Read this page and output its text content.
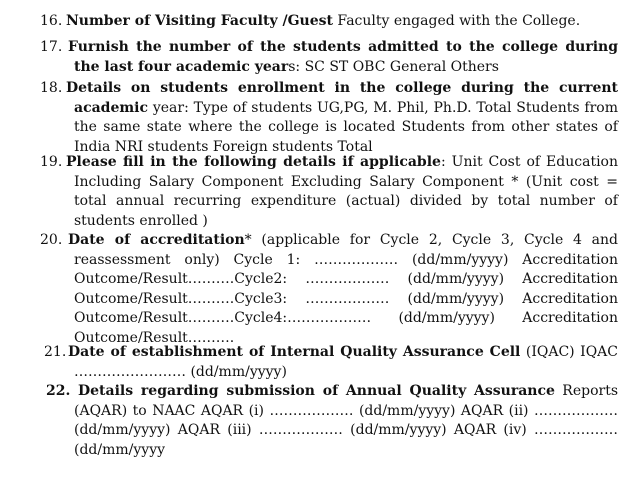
16. Number of Visiting Faculty /Guest Faculty engaged with the College.
17. Furnish the number of the students admitted to the college during the last four academic years: SC ST OBC General Others
18. Details on students enrollment in the college during the current academic year: Type of students UG,PG, M. Phil, Ph.D. Total Students from the same state where the college is located Students from other states of India NRI students Foreign students Total
19. Please fill in the following details if applicable: Unit Cost of Education Including Salary Component Excluding Salary Component * (Unit cost = total annual recurring expenditure (actual) divided by total number of students enrolled )
20. Date of accreditation* (applicable for Cycle 2, Cycle 3, Cycle 4 and reassessment only) Cycle 1: ……………… (dd/mm/yyyy) Accreditation Outcome/Result……….Cycle2: ……………… (dd/mm/yyyy) Accreditation Outcome/Result……….Cycle3: ……………… (dd/mm/yyyy) Accreditation Outcome/Result……….Cycle4:……………… (dd/mm/yyyy) Accreditation Outcome/Result……….
21. Date of establishment of Internal Quality Assurance Cell (IQAC) IQAC …………………… (dd/mm/yyyy)
22. Details regarding submission of Annual Quality Assurance Reports (AQAR) to NAAC AQAR (i) ……………… (dd/mm/yyyy) AQAR (ii) ……………… (dd/mm/yyyy) AQAR (iii) ……………… (dd/mm/yyyy) AQAR (iv) ……………… (dd/mm/yyyy
